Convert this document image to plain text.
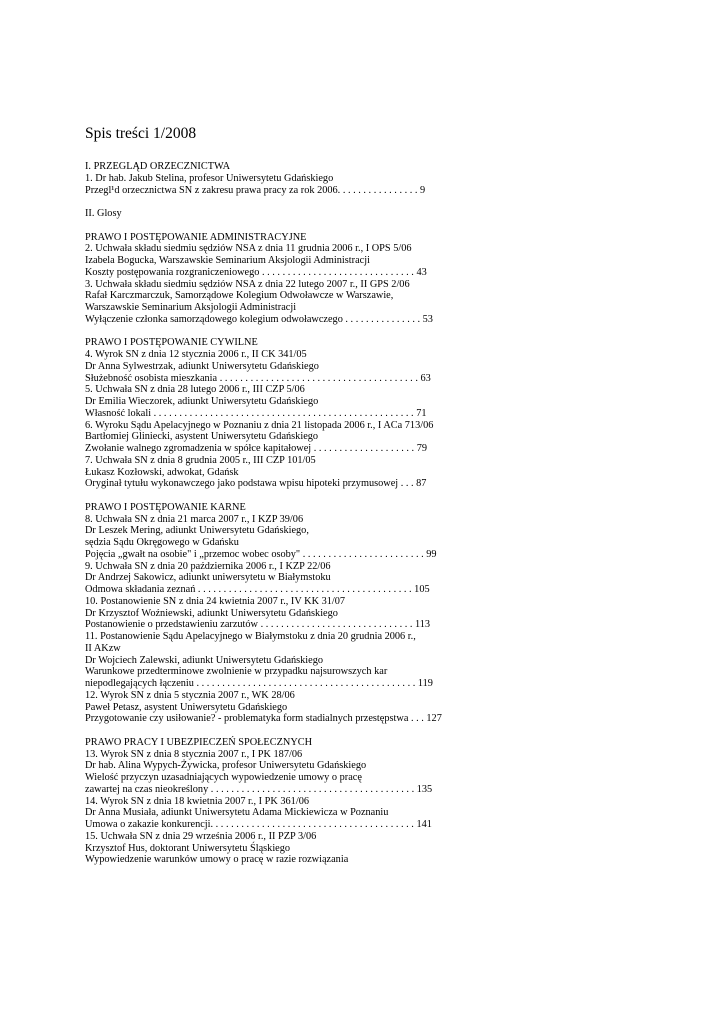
Spis treści 1/2008
I. PRZEGLĄD ORZECZNICTWA
1. Dr hab. Jakub Stelina, profesor Uniwersytetu Gdańskiego
Przegl¹d orzecznictwa SN z zakresu prawa pracy za rok 2006. . . . . . . . . . . . . . . . 9
II. Glosy
PRAWO I POSTĘPOWANIE ADMINISTRACYJNE
2. Uchwała składu siedmiu sędziów NSA z dnia 11 grudnia 2006 r., I OPS 5/06
Izabela Bogucka, Warszawskie Seminarium Aksjologii Administracji
Koszty postępowania rozgraniczeniowego . . . . . . . . . . . . . . . . . . . . . . . . . . . . . . 43
3. Uchwała składu siedmiu sędziów NSA z dnia 22 lutego 2007 r., II GPS 2/06
Rafał Karczmarczuk, Samorządowe Kolegium Odwoławcze w Warszawie,
Warszawskie Seminarium Aksjologii Administracji
Wyłączenie członka samorządowego kolegium odwoławczego . . . . . . . . . . . . . . . 53
PRAWO I POSTĘPOWANIE CYWILNE
4. Wyrok SN z dnia 12 stycznia 2006 r., II CK 341/05
Dr Anna Sylwestrzak, adiunkt Uniwersytetu Gdańskiego
Służebność osobista mieszkania . . . . . . . . . . . . . . . . . . . . . . . . . . . . . . . . . . . . . . . 63
5. Uchwała SN z dnia 28 lutego 2006 r., III CZP 5/06
Dr Emilia Wieczorek, adiunkt Uniwersytetu Gdańskiego
Własność lokali . . . . . . . . . . . . . . . . . . . . . . . . . . . . . . . . . . . . . . . . . . . . . . . . . . . 71
6. Wyroku Sądu Apelacyjnego w Poznaniu z dnia 21 listopada 2006 r., I ACa 713/06
Bartłomiej Gliniecki, asystent Uniwersytetu Gdańskiego
Zwołanie walnego zgromadzenia w spółce kapitałowej . . . . . . . . . . . . . . . . . . . . 79
7. Uchwała SN z dnia 8 grudnia 2005 r., III CZP 101/05
Łukasz Kozłowski, adwokat, Gdańsk
Oryginał tytułu wykonawczego jako podstawa wpisu hipoteki przymusowej . . . 87
PRAWO I POSTĘPOWANIE KARNE
8. Uchwała SN z dnia 21 marca 2007 r., I KZP 39/06
Dr Leszek Mering, adiunkt Uniwersytetu Gdańskiego,
sędzia Sądu Okręgowego w Gdańsku
Pojęcia „gwałt na osobie" i „przemoc wobec osoby" . . . . . . . . . . . . . . . . . . . . . . . . 99
9. Uchwała SN z dnia 20 października 2006 r., I KZP 22/06
Dr Andrzej Sakowicz, adiunkt uniwersytetu w Białymstoku
Odmowa składania zeznań . . . . . . . . . . . . . . . . . . . . . . . . . . . . . . . . . . . . . . . . . . 105
10. Postanowienie SN z dnia 24 kwietnia 2007 r., IV KK 31/07
Dr Krzysztof Woźniewski, adiunkt Uniwersytetu Gdańskiego
Postanowienie o przedstawieniu zarzutów . . . . . . . . . . . . . . . . . . . . . . . . . . . . . . 113
11. Postanowienie Sądu Apelacyjnego w Białymstoku z dnia 20 grudnia 2006 r.,
II AKzw
Dr Wojciech Zalewski, adiunkt Uniwersytetu Gdańskiego
Warunkowe przedterminowe zwolnienie w przypadku najsurowszych kar
niepodlegających łączeniu . . . . . . . . . . . . . . . . . . . . . . . . . . . . . . . . . . . . . . . . . . . 119
12. Wyrok SN z dnia 5 stycznia 2007 r., WK 28/06
Paweł Petasz, asystent Uniwersytetu Gdańskiego
Przygotowanie czy usiłowanie? - problematyka form stadialnych przestępstwa . . . 127
PRAWO PRACY I UBEZPIECZEŃ SPOŁECZNYCH
13. Wyrok SN z dnia 8 stycznia 2007 r., I PK 187/06
Dr hab. Alina Wypych-Żywicka, profesor Uniwersytetu Gdańskiego
Wielość przyczyn uzasadniających wypowiedzenie umowy o pracę
zawartej na czas nieokreślony . . . . . . . . . . . . . . . . . . . . . . . . . . . . . . . . . . . . . . . . 135
14. Wyrok SN z dnia 18 kwietnia 2007 r., I PK 361/06
Dr Anna Musiała, adiunkt Uniwersytetu Adama Mickiewicza w Poznaniu
Umowa o zakazie konkurencji. . . . . . . . . . . . . . . . . . . . . . . . . . . . . . . . . . . . . . . . 141
15. Uchwała SN z dnia 29 września 2006 r., II PZP 3/06
Krzysztof Hus, doktorant Uniwersytetu Śląskiego
Wypowiedzenie warunków umowy o pracę w razie rozwiązania
